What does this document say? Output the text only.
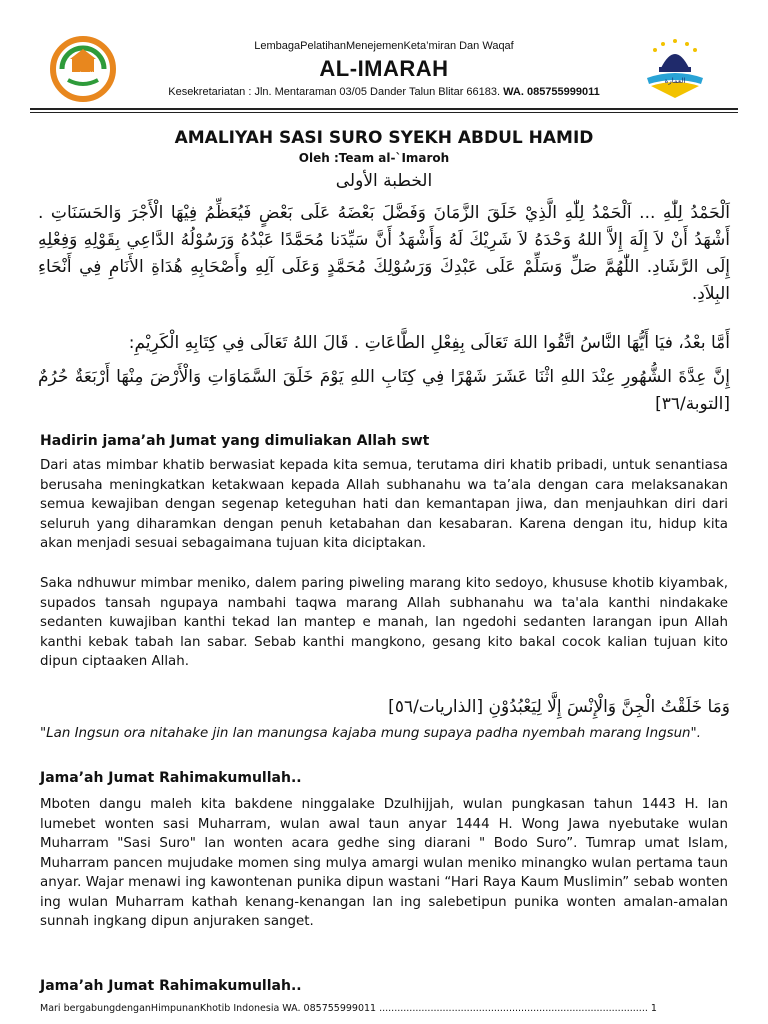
العمارة
LembagaPelatihanMenejemenKeta’miran Dan Waqaf
AL-IMARAH
Kesekretariatan : Jln. Mentaraman 03/05 Dander Talun Blitar 66183. WA. 085755999011
العمارة
AMALIYAH SASI SURO SYEKH ABDUL HAMID
Oleh :Team al-`Imaroh
الخطبة الأولى
اَلْحَمْدُ لِلّٰهِ ... اَلْحَمْدُ لِلّٰهِ الَّذِيْ خَلَقَ الزَّمَانَ وَفَضَّلَ بَعْضَهُ عَلَى بَعْضٍ فَيُعَظِّمُ فِيْهَا الْأَجْرَ وَالحَسَنَاتِ . أَشْهَدُ أَنْ لاَ إِلَهَ إِلاَّ اللهُ وَحْدَهُ لاَ شَرِيْكَ لَهُ وَأَشْهَدُ أَنَّ سَيِّدَنا مُحَمَّدًا عَبْدُهُ وَرَسُوْلُهُ الدَّاعِي بِقَوْلِهِ وَفِعْلِهِ إِلَى الرَّشَادِ. اللّٰهُمَّ صَلِّ وَسَلِّمْ عَلَى عَبْدِكَ وَرَسُوْلِكَ مُحَمَّدٍ وَعَلَى آلِهِ وأَصْحَابِهِ هُدَاةِ الأَنَامِ فِي أَنْحَاءِ البِلاَدِ.
أَمَّا بعْدُ، فيَا أَيُّهَا النَّاسُ اتَّقُوا اللهَ تَعَالَى بِفِعْلِ الطَّاعَاتِ . قَالَ اللهُ تَعَالَى فِي كِتَابِهِ الْكَرِيْمِ:
إِنَّ عِدَّةَ الشُّهُورِ عِنْدَ اللهِ اثْنَا عَشَرَ شَهْرًا فِي كِتَابِ اللهِ يَوْمَ خَلَقَ السَّمَاوَاتِ وَالْأَرْضَ مِنْهَا أَرْبَعَةٌ حُرُمٌ [التوبة/٣٦]
Hadirin jama’ah Jumat yang dimuliakan Allah swt
Dari atas mimbar khatib berwasiat kepada kita semua, terutama diri khatib pribadi, untuk senantiasa berusaha meningkatkan ketakwaan kepada Allah subhanahu wa ta’ala dengan cara melaksanakan semua kewajiban dengan segenap keteguhan hati dan kemantapan jiwa, dan menjauhkan diri dari seluruh yang diharamkan dengan penuh ketabahan dan kesabaran. Karena dengan itu, hidup kita akan menjadi sesuai sebagaimana tujuan kita diciptakan.
Saka ndhuwur mimbar meniko, dalem paring piweling marang kito sedoyo, khususe khotib kiyambak, supados tansah ngupaya nambahi taqwa marang Allah subhanahu wa ta'ala kanthi nindakake sedanten kuwajiban kanthi tekad lan mantep e manah, lan ngedohi sedanten larangan ipun Allah kanthi kebak tabah lan sabar. Sebab kanthi mangkono, gesang kito bakal cocok kalian tujuan kito dipun ciptaaken Allah.
وَمَا خَلَقْتُ الْجِنَّ وَالْإِنْسَ إِلَّا لِيَعْبُدُوْنِ [الذاريات/٥٦]
"Lan Ingsun ora nitahake jin lan manungsa kajaba mung supaya padha nyembah marang Ingsun".
Jama’ah Jumat Rahimakumullah..
Mboten dangu maleh kita bakdene ninggalake Dzulhijjah, wulan pungkasan tahun 1443 H. lan lumebet wonten sasi Muharram, wulan awal taun anyar 1444 H. Wong Jawa nyebutake wulan Muharram "Sasi Suro" lan wonten acara gedhe sing diarani " Bodo Suro”. Tumrap umat Islam, Muharram pancen mujudake momen sing mulya amargi wulan meniko minangko wulan pertama taun anyar. Wajar menawi ing kawontenan punika dipun wastani “Hari Raya Kaum Muslimin” sebab wonten ing wulan Muharram kathah kenang-kenangan lan ing salebetipun punika wonten amalan-amalan sunnah ingkang dipun anjuraken sanget.
Jama’ah Jumat Rahimakumullah..
Mari bergabungdenganHimpunanKhotib Indonesia WA. 085755999011 ......................................................................................... 1
